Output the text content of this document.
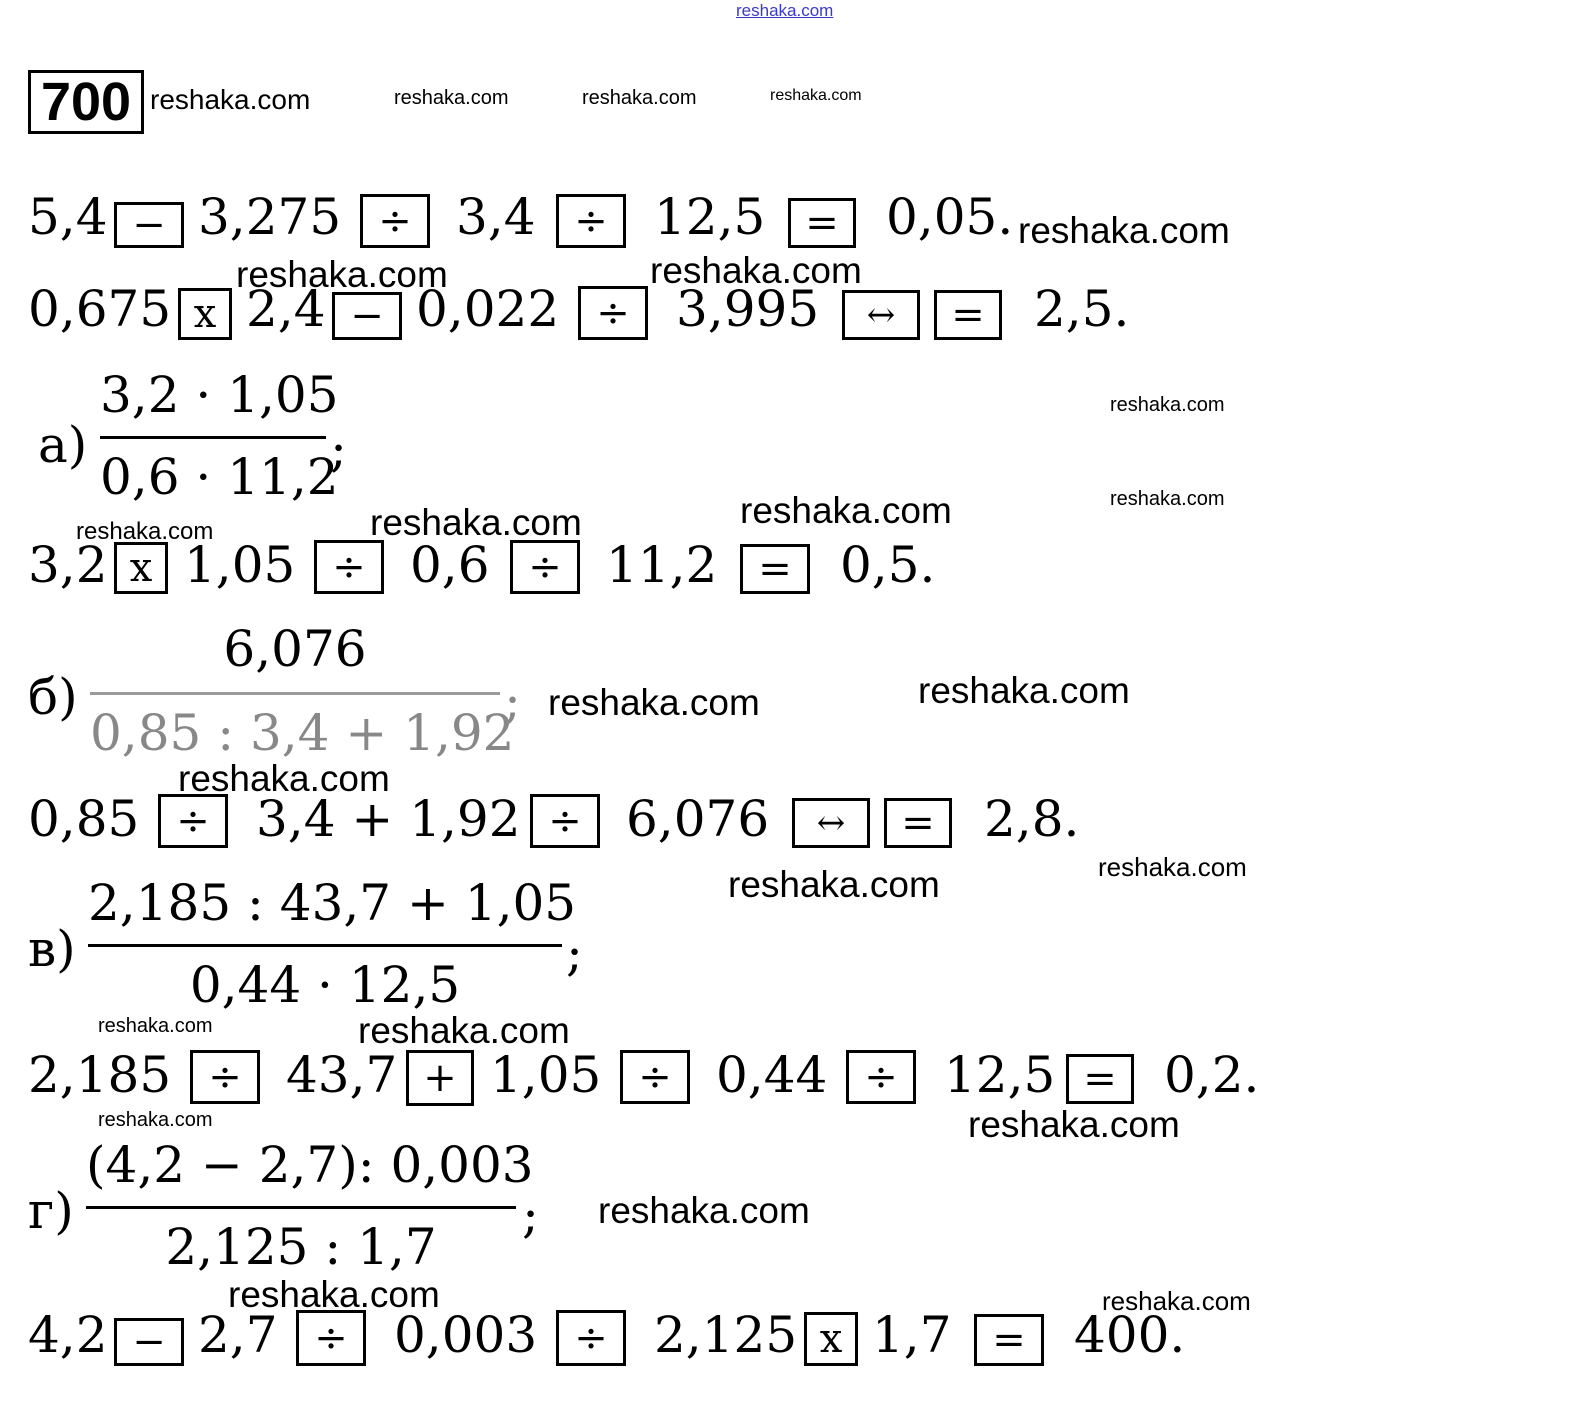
reshaka.com
reshaka.com	reshaka.com	reshaka.com	reshaka.com
reshaka.com
reshaka.com	reshaka.com
reshaka.com
reshaka.com
reshaka.com
reshaka.com
reshaka.com
reshaka.com	reshaka.com
reshaka.com
reshaka.com
reshaka.com
reshaka.com	reshaka.com
reshaka.com	reshaka.com
reshaka.com
reshaka.com	reshaka.com
700
5,4 − 3,275 ÷ 3,4 ÷ 12,5 = 0,05.
0,675 x 2,4 − 0,022 ÷ 3,995	↔	= 2,5.
а)
3,2 · 1,05
0,6 · 11,2
;
3,2 x 1,05 ÷ 0,6 ÷ 11,2	= 0,5.
б)
6,076
0,85 : 3,4 + 1,92
;
0,85 ÷ 3,4 + 1,92 ÷ 6,076	↔	= 2,8.
в)
2,185 : 43,7 + 1,05
0,44 · 12,5
;
2,185 ÷ 43,7 + 1,05 ÷ 0,44 ÷ 12,5 = 0,2.
г)
(4,2 − 2,7): 0,003
2,125 : 1,7
;
4,2 − 2,7 ÷ 0,003 ÷ 2,125 x 1,7	= 400.
